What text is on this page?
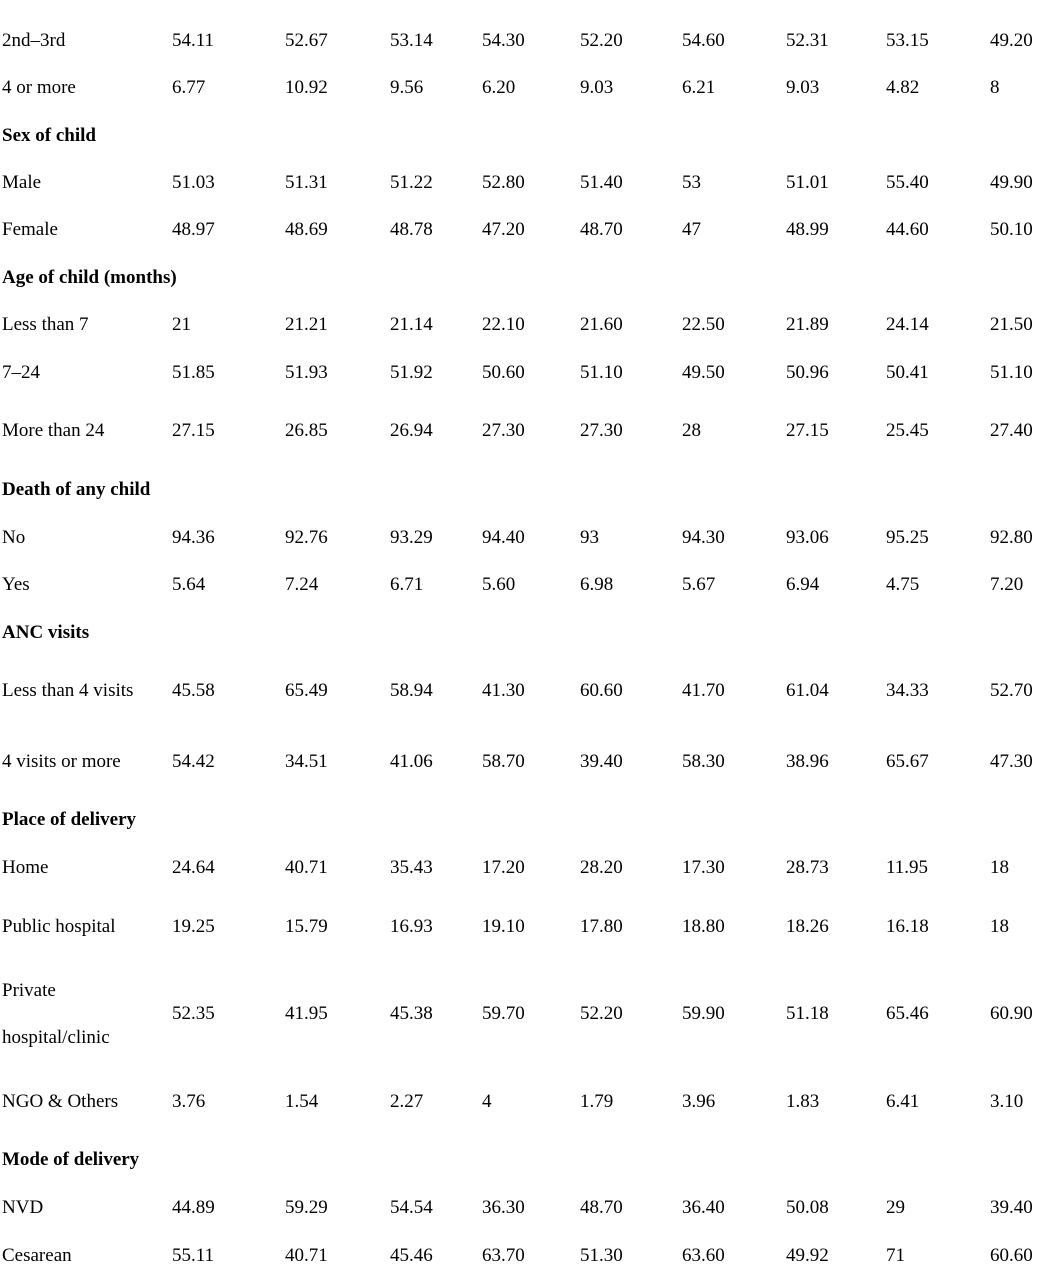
2nd–3rd	54.11	52.67	53.14	54.30	52.20	54.60	52.31	53.15	49.20
4 or more	6.77	10.92	9.56	6.20	9.03	6.21	9.03	4.82	8
Sex of child
Male	51.03	51.31	51.22	52.80	51.40	53	51.01	55.40	49.90
Female	48.97	48.69	48.78	47.20	48.70	47	48.99	44.60	50.10
Age of child (months)
Less than 7	21	21.21	21.14	22.10	21.60	22.50	21.89	24.14	21.50
7–24	51.85	51.93	51.92	50.60	51.10	49.50	50.96	50.41	51.10
More than 24	27.15	26.85	26.94	27.30	27.30	28	27.15	25.45	27.40
Death of any child
No	94.36	92.76	93.29	94.40	93	94.30	93.06	95.25	92.80
Yes	5.64	7.24	6.71	5.60	6.98	5.67	6.94	4.75	7.20
ANC visits
Less than 4 visits 45.58	65.49	58.94	41.30	60.60	41.70	61.04	34.33	52.70
4 visits or more	54.42	34.51	41.06	58.70	39.40	58.30	38.96	65.67	47.30
Place of delivery
Home	24.64	40.71	35.43	17.20	28.20	17.30	28.73	11.95	18
Public hospital	19.25	15.79	16.93	19.10	17.80	18.80	18.26	16.18	18
Private
hospital/clinic
52.35	41.95	45.38	59.70	52.20	59.90	51.18	65.46	60.90
NGO & Others	3.76	1.54	2.27	4	1.79	3.96	1.83	6.41	3.10
Mode of delivery
NVD	44.89	59.29	54.54	36.30	48.70	36.40	50.08	29	39.40
Cesarean	55.11	40.71	45.46	63.70	51.30	63.60	49.92	71	60.60
